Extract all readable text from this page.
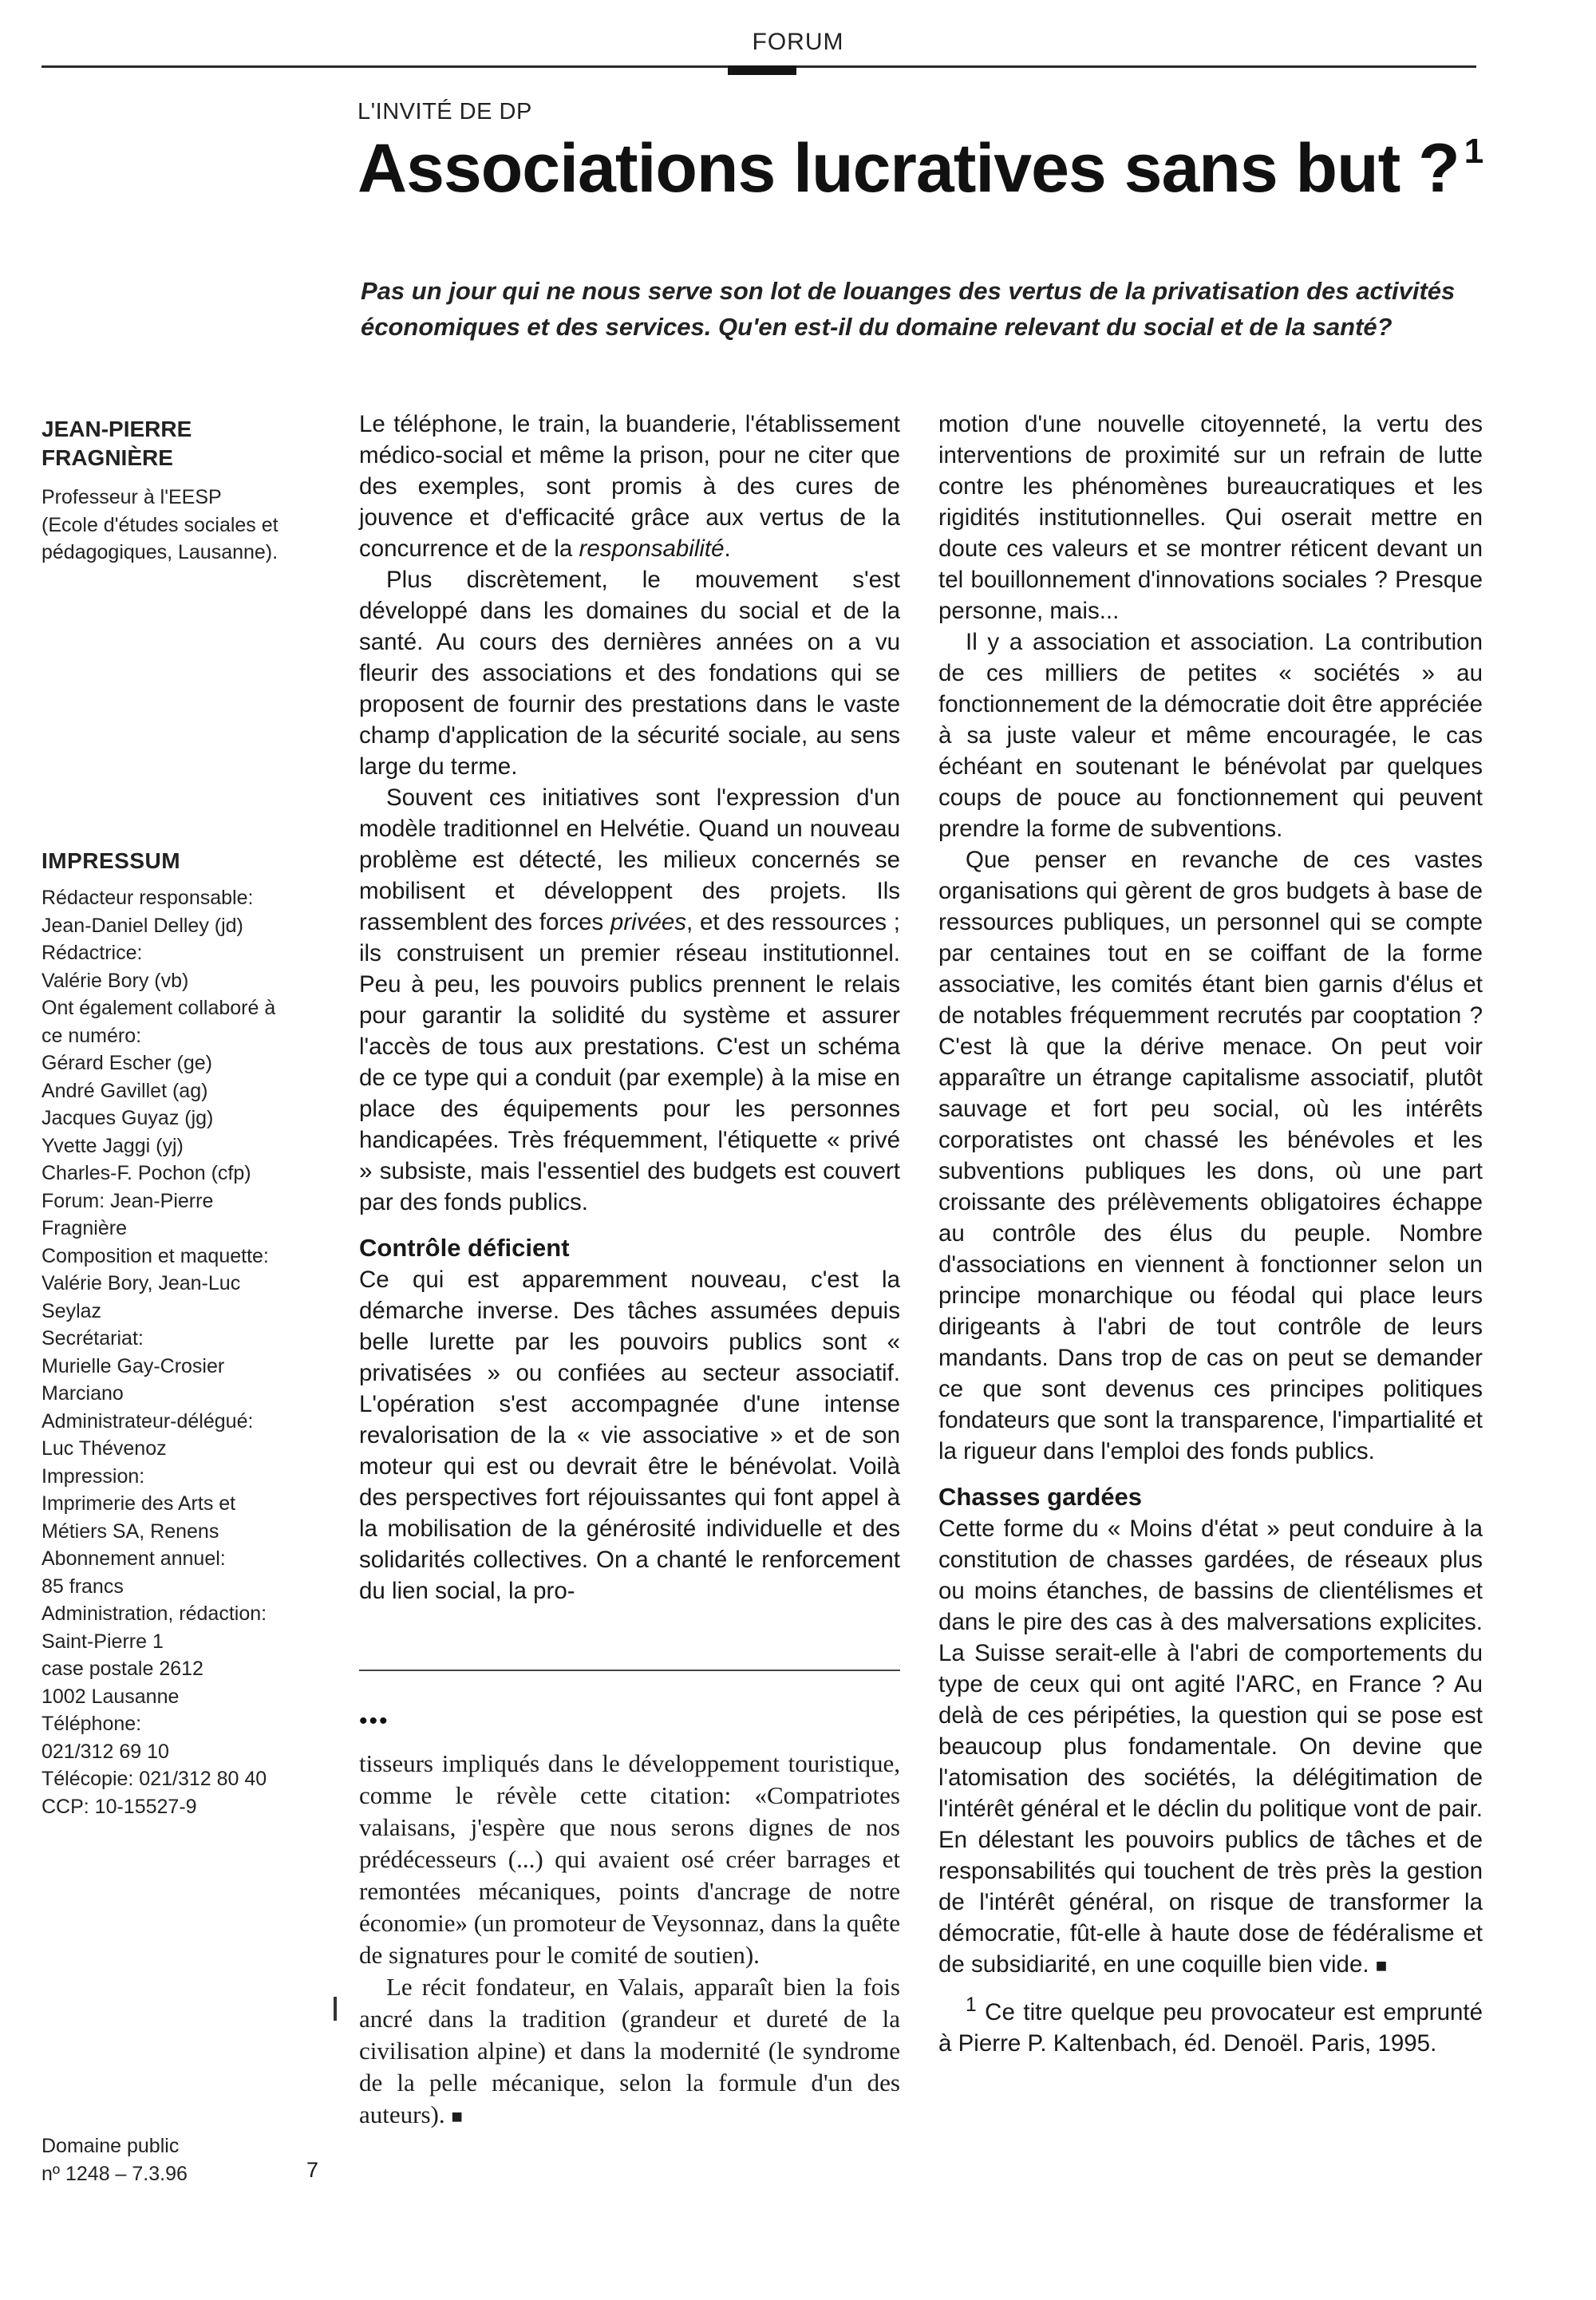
FORUM
L'INVITÉ DE DP
Associations lucratives sans but ? $^1$
Pas un jour qui ne nous serve son lot de louanges des vertus de la privatisation des activités économiques et des services. Qu'en est-il du domaine relevant du social et de la santé?
JEAN-PIERRE
FRAGNIÈRE
Professeur à l'EESP
(Ecole d'études sociales et
pédagogiques, Lausanne).
IMPRESSUM
Rédacteur responsable:
Jean-Daniel Delley (jd)
Rédactrice:
Valérie Bory (vb)
Ont également collaboré à
ce numéro:
Gérard Escher (ge)
André Gavillet (ag)
Jacques Guyaz (jg)
Yvette Jaggi (yj)
Charles-F. Pochon (cfp)
Forum: Jean-Pierre
Fragnière
Composition et maquette:
Valérie Bory, Jean-Luc
Seylaz
Secrétariat:
Murielle Gay-Crosier
Marciano
Administrateur-délégué:
Luc Thévenoz
Impression:
Imprimerie des Arts et
Métiers SA, Renens
Abonnement annuel:
85 francs
Administration, rédaction:
Saint-Pierre 1
case postale 2612
1002 Lausanne
Téléphone:
021/312 69 10
Télécopie: 021/312 80 40
CCP: 10-15527-9
Domaine public
nº 1248 – 7.3.96	7

Le téléphone, le train, la buanderie, l'établissement médico-social et même la prison, pour ne citer que des exemples, sont promis à des cures de jouvence et d'efficacité grâce aux vertus de la concurrence et de la responsabilité.

Plus discrètement, le mouvement s'est développé dans les domaines du social et de la santé. Au cours des dernières années on a vu fleurir des associations et des fondations qui se proposent de fournir des prestations dans le vaste champ d'application de la sécurité sociale, au sens large du terme.

Souvent ces initiatives sont l'expression d'un modèle traditionnel en Helvétie. Quand un nouveau problème est détecté, les milieux concernés se mobilisent et développent des projets. Ils rassemblent des forces privées, et des ressources ; ils construisent un premier réseau institutionnel. Peu à peu, les pouvoirs publics prennent le relais pour garantir la solidité du système et assurer l'accès de tous aux prestations. C'est un schéma de ce type qui a conduit (par exemple) à la mise en place des équipements pour les personnes handicapées. Très fréquemment, l'étiquette « privé » subsiste, mais l'essentiel des budgets est couvert par des fonds publics.

Contrôle déficient

Ce qui est apparemment nouveau, c'est la démarche inverse. Des tâches assumées depuis belle lurette par les pouvoirs publics sont « privatisées » ou confiées au secteur associatif. L'opération s'est accompagnée d'une intense revalorisation de la « vie associative » et de son moteur qui est ou devrait être le bénévolat. Voilà des perspectives fort réjouissantes qui font appel à la mobilisation de la générosité individuelle et des solidarités collectives. On a chanté le renforcement du lien social, la pro-

•••

tisseurs impliqués dans le développement touristique, comme le révèle cette citation: «Compatriotes valaisans, j'espère que nous serons dignes de nos prédécesseurs (...) qui avaient osé créer barrages et remontées mécaniques, points d'ancrage de notre économie» (un promoteur de Veysonnaz, dans la quête de signatures pour le comité de soutien).

Le récit fondateur, en Valais, apparaît bien la fois ancré dans la tradition (grandeur et dureté de la civilisation alpine) et dans la modernité (le syndrome de la pelle mécanique, selon la formule d'un des auteurs). ■

motion d'une nouvelle citoyenneté, la vertu des interventions de proximité sur un refrain de lutte contre les phénomènes bureaucratiques et les rigidités institutionnelles. Qui oserait mettre en doute ces valeurs et se montrer réticent devant un tel bouillonnement d'innovations sociales ? Presque personne, mais...

Il y a association et association. La contribution de ces milliers de petites « sociétés » au fonctionnement de la démocratie doit être appréciée à sa juste valeur et même encouragée, le cas échéant en soutenant le bénévolat par quelques coups de pouce au fonctionnement qui peuvent prendre la forme de subventions.

Que penser en revanche de ces vastes organisations qui gèrent de gros budgets à base de ressources publiques, un personnel qui se compte par centaines tout en se coiffant de la forme associative, les comités étant bien garnis d'élus et de notables fréquemment recrutés par cooptation ? C'est là que la dérive menace. On peut voir apparaître un étrange capitalisme associatif, plutôt sauvage et fort peu social, où les intérêts corporatistes ont chassé les bénévoles et les subventions publiques les dons, où une part croissante des prélèvements obligatoires échappe au contrôle des élus du peuple. Nombre d'associations en viennent à fonctionner selon un principe monarchique ou féodal qui place leurs dirigeants à l'abri de tout contrôle de leurs mandants. Dans trop de cas on peut se demander ce que sont devenus ces principes politiques fondateurs que sont la transparence, l'impartialité et la rigueur dans l'emploi des fonds publics.

Chasses gardées

Cette forme du « Moins d'état » peut conduire à la constitution de chasses gardées, de réseaux plus ou moins étanches, de bassins de clientélismes et dans le pire des cas à des malversations explicites. La Suisse serait-elle à l'abri de comportements du type de ceux qui ont agité l'ARC, en France ? Au delà de ces péripéties, la question qui se pose est beaucoup plus fondamentale. On devine que l'atomisation des sociétés, la délégitimation de l'intérêt général et le déclin du politique vont de pair. En délestant les pouvoirs publics de tâches et de responsabilités qui touchent de très près la gestion de l'intérêt général, on risque de transformer la démocratie, fût-elle à haute dose de fédéralisme et de subsidiarité, en une coquille bien vide. ■

$^1$ Ce titre quelque peu provocateur est emprunté à Pierre P. Kaltenbach, éd. Denoël. Paris, 1995.
